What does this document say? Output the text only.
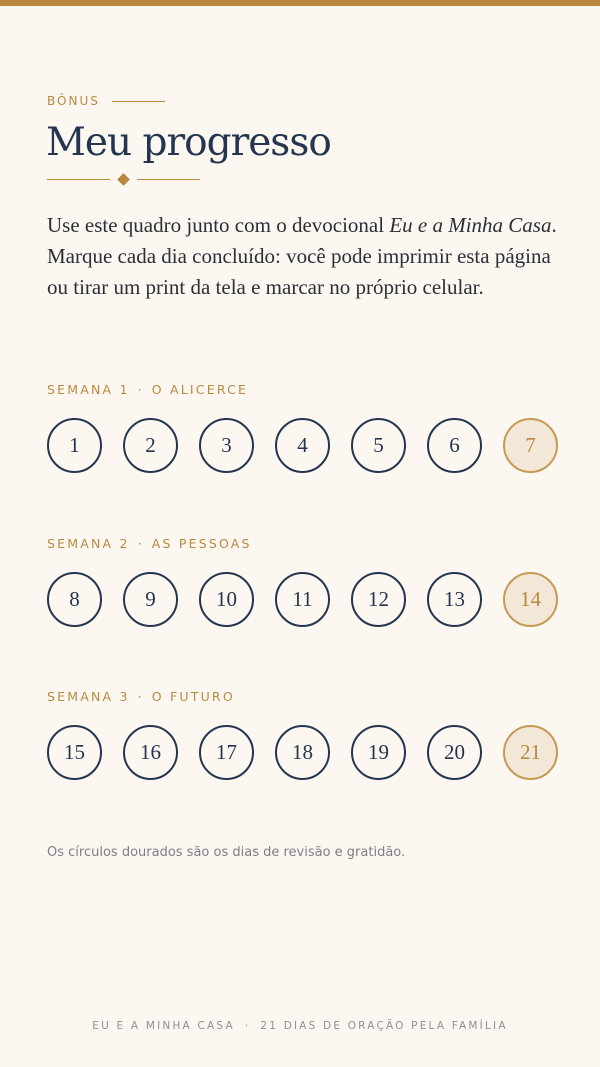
BÔNUS
Meu progresso

Use este quadro junto com o devocional Eu e a Minha Casa. Marque cada dia concluído: você pode imprimir esta página ou tirar um print da tela e marcar no próprio celular.

SEMANA 1 · O ALICERCE
1	2	3	4	5	6	7
SEMANA 2 · AS PESSOAS
8	9	10	11	12	13	14
SEMANA 3 · O FUTURO
15	16	17	18	19	20	21

Os círculos dourados são os dias de revisão e gratidão.

EU E A MINHA CASA · 21 DIAS DE ORAÇÃO PELA FAMÍLIA
